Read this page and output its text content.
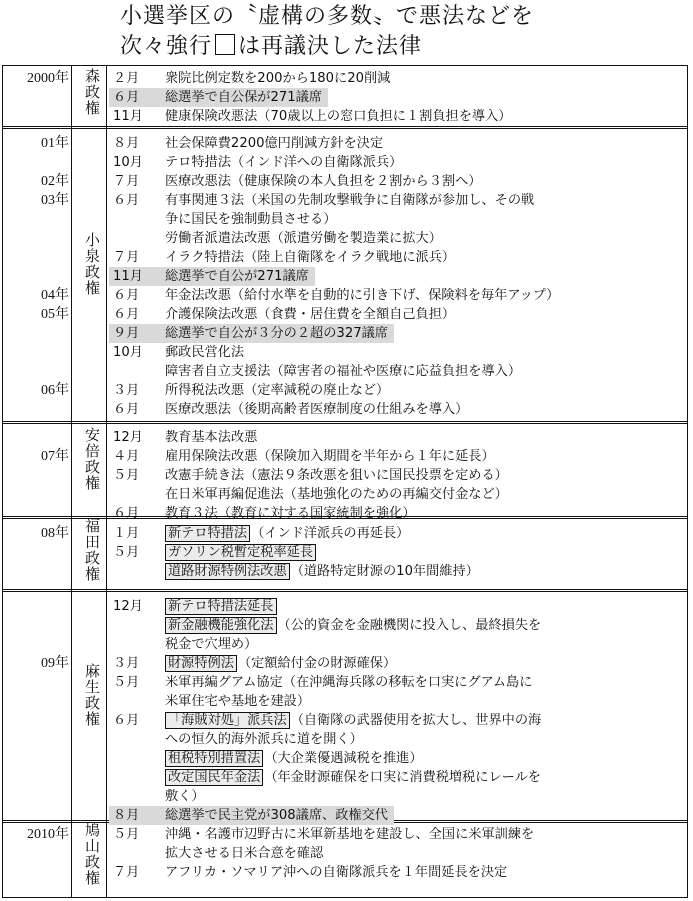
小選挙区の〝虚構の多数〟で悪法などを
次々強行 は再議決した法律
森政権
2000年	２月	衆院比例定数を200から180に20削減
６月	総選挙で自公保が271議席
11月	健康保険改悪法（70歳以上の窓口負担に１割負担を導入）
小泉政権
01年	８月	社会保障費2200億円削減方針を決定
10月	テロ特措法（インド洋への自衛隊派兵）
02年	７月	医療改悪法（健康保険の本人負担を２割から３割へ）
03年	６月	有事関連３法（米国の先制攻撃戦争に自衛隊が参加し、その戦
争に国民を強制動員させる）
労働者派遣法改悪（派遣労働を製造業に拡大）
７月	イラク特措法（陸上自衛隊をイラク戦地に派兵）
11月	総選挙で自公が271議席
04年	６月	年金法改悪（給付水準を自動的に引き下げ、保険料を毎年アップ）
05年	６月	介護保険法改悪（食費・居住費を全額自己負担）
９月	総選挙で自公が３分の２超の327議席
10月	郵政民営化法
障害者自立支援法（障害者の福祉や医療に応益負担を導入）
06年	３月	所得税法改悪（定率減税の廃止など）
６月	医療改悪法（後期高齢者医療制度の仕組みを導入）
安倍政権 12月	教育基本法改悪
07年	４月	雇用保険法改悪（保険加入期間を半年から１年に延長）
５月	改憲手続き法（憲法９条改悪を狙いに国民投票を定める）
在日米軍再編促進法（基地強化のための再編交付金など）
６月	教育３法（教育に対する国家統制を強化）
福田政権
08年	１月	新テロ特措法 （インド洋派兵の再延長）
５月	ガソリン税暫定税率延長
道路財源特例法改悪 （道路特定財源の10年間維持）
麻生政権
12月	新テロ特措法延長
新金融機能強化法 （公的資金を金融機関に投入し、最終損失を
税金で穴埋め）
09年	３月	財源特例法 （定額給付金の財源確保）
５月	米軍再編グアム協定（在沖縄海兵隊の移転を口実にグアム島に
米軍住宅や基地を建設）
６月	「海賊対処」派兵法 （自衛隊の武器使用を拡大し、世界中の海
への恒久的海外派兵に道を開く）
租税特別措置法 （大企業優遇減税を推進）
改定国民年金法 （年金財源確保を口実に消費税増税にレールを
敷く）
８月	総選挙で民主党が308議席、政権交代
鳩山政権
2010年	５月	沖縄・名護市辺野古に米軍新基地を建設し、全国に米軍訓練を
拡大させる日米合意を確認
７月	アフリカ・ソマリア沖への自衛隊派兵を１年間延長を決定
